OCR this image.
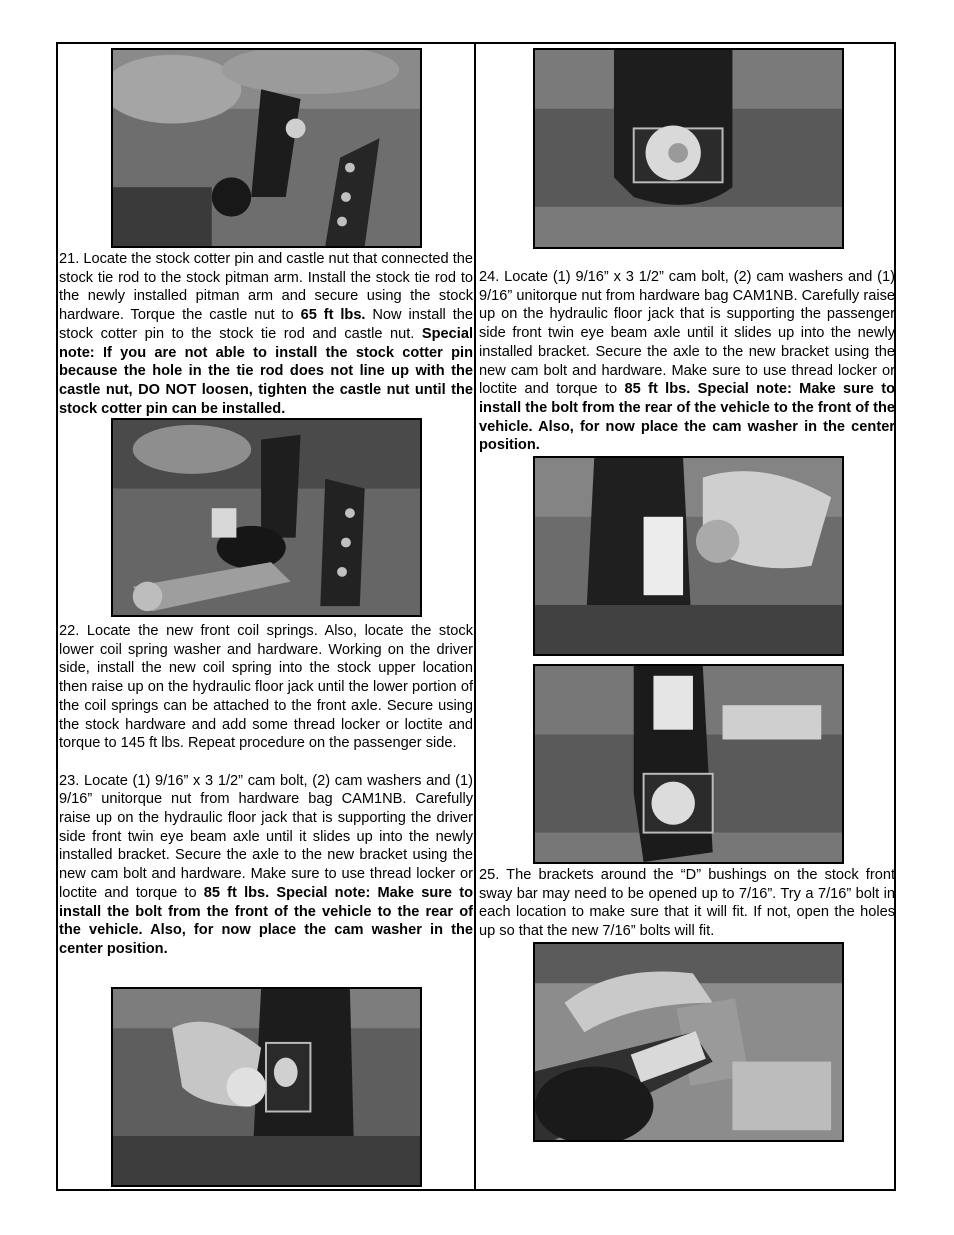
21. Locate the stock cotter pin and castle nut that connected the stock tie rod to the stock pitman arm. Install the stock tie rod to the newly installed pitman arm and secure using the stock hardware. Torque the castle nut to 65 ft lbs. Now install the stock cotter pin to the stock tie rod and castle nut. Special note: If you are not able to install the stock cotter pin because the hole in the tie rod does not line up with the castle nut, DO NOT loosen, tighten the castle nut until the stock cotter pin can be installed.

22. Locate the new front coil springs. Also, locate the stock lower coil spring washer and hardware. Working on the driver side, install the new coil spring into the stock upper location then raise up on the hydraulic floor jack until the lower portion of the coil springs can be attached to the front axle. Secure using the stock hardware and add some thread locker or loctite and torque to 145 ft lbs. Repeat procedure on the passenger side.

23. Locate (1) 9/16” x 3 1/2” cam bolt, (2) cam washers and (1) 9/16” unitorque nut from hardware bag CAM1NB. Carefully raise up on the hydraulic floor jack that is supporting the driver side front twin eye beam axle until it slides up into the newly installed bracket. Secure the axle to the new bracket using the new cam bolt and hardware. Make sure to use thread locker or loctite and torque to 85 ft lbs. Special note: Make sure to install the bolt from the front of the vehicle to the rear of the vehicle. Also, for now place the cam washer in the center position.

24. Locate (1) 9/16” x 3 1/2” cam bolt, (2) cam washers and (1) 9/16” unitorque nut from hardware bag CAM1NB. Carefully raise up on the hydraulic floor jack that is supporting the passenger side front twin eye beam axle until it slides up into the newly installed bracket. Secure the axle to the new bracket using the new cam bolt and hardware. Make sure to use thread locker or loctite and torque to 85 ft lbs. Special note: Make sure to install the bolt from the rear of the vehicle to the front of the vehicle. Also, for now place the cam washer in the center position.

25. The brackets around the “D” bushings on the stock front sway bar may need to be opened up to 7/16”. Try a 7/16” bolt in each location to make sure that it will fit. If not, open the holes up so that the new 7/16” bolts will fit.
